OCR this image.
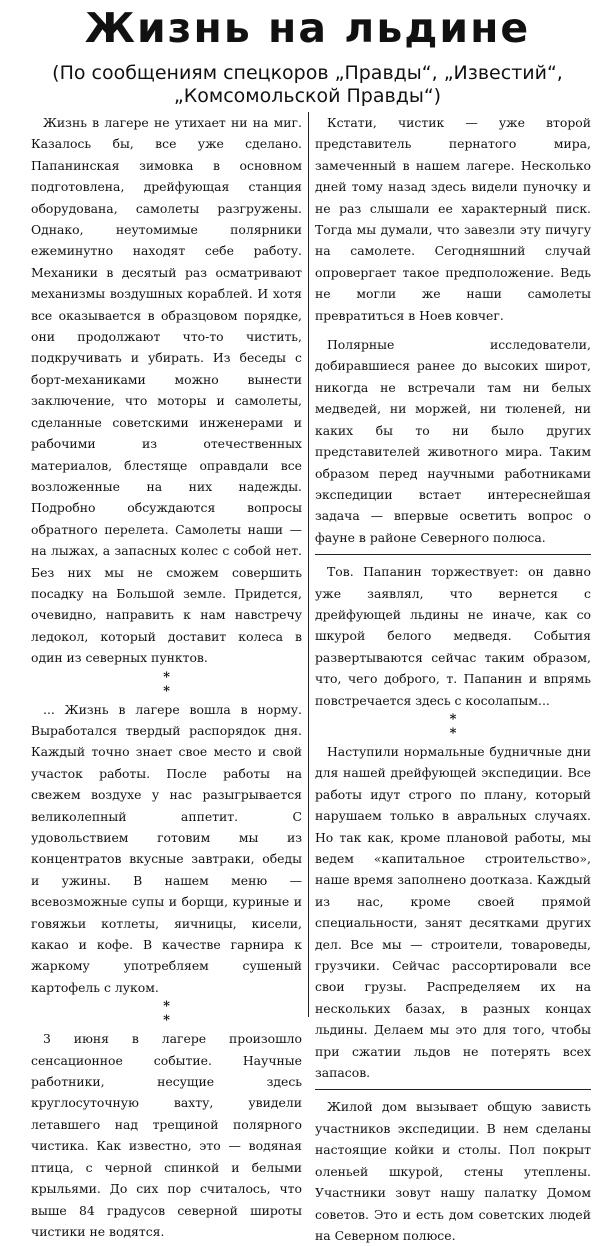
Жизнь на льдине
(По сообщениям спецкоров „Правды“, „Известий“,
„Комсомольской Правды“)

Жизнь в лагере не утихает ни на миг. Казалось бы, все уже сделано. Папанинская зимовка в основном подготовлена, дрейфующая станция оборудована, самолеты разгружены. Однако, неутомимые полярники ежеминутно находят себе работу. Механики в десятый раз осматривают механизмы воздушных кораблей. И хотя все оказывается в образцовом порядке, они продолжают что-то чистить, подкручивать и убирать. Из беседы с борт-механиками можно вынести заключение, что моторы и самолеты, сделанные советскими инженерами и рабочими из отечественных материалов, блестяще оправдали все возложенные на них надежды. Подробно обсуждаются вопросы обратного перелета. Самолеты наши — на лыжах, а запасных колес с собой нет. Без них мы не сможем совершить посадку на Большой земле. Придется, очевидно, направить к нам навстречу ледокол, который доставит колеса в один из северных пунктов.

*
*

... Жизнь в лагере вошла в норму. Выработался твердый распорядок дня. Каждый точно знает свое место и свой участок работы. После работы на свежем воздухе у нас разыгрывается великолепный аппетит. С удовольствием готовим мы из концентратов вкусные завтраки, обеды и ужины. В нашем меню — всевозможные супы и борщи, куриные и говяжьи котлеты, яичницы, кисели, какао и кофе. В качестве гарнира к жаркому употребляем сушеный картофель с луком.

*
*

3 июня в лагере произошло сенсационное событие. Научные работники, несущие здесь круглосуточную вахту, увидели летавшего над трещиной полярного чистика. Как известно, это — водяная птица, с черной спинкой и белыми крыльями. До сих пор считалось, что выше 84 градусов северной широты чистики не водятся.

Кстати, чистик — уже второй представитель пернатого мира, замеченный в нашем лагере. Несколько дней тому назад здесь видели пуночку и не раз слышали ее характерный писк. Тогда мы думали, что завезли эту пичугу на самолете. Сегодняшний случай опровергает такое предположение. Ведь не могли же наши самолеты превратиться в Ноев ковчег.

Полярные исследователи, добиравшиеся ранее до высоких широт, никогда не встречали там ни белых медведей, ни моржей, ни тюленей, ни каких бы то ни было других представителей животного мира. Таким образом перед научными работниками экспедиции встает интереснейшая задача — впервые осветить вопрос о фауне в районе Северного полюса.

Тов. Папанин торжествует: он давно уже заявлял, что вернется с дрейфующей льдины не иначе, как со шкурой белого медведя. События развертываются сейчас таким образом, что, чего доброго, т. Папанин и впрямь повстречается здесь с косолапым...

*
*

Наступили нормальные будничные дни для нашей дрейфующей экспедиции. Все работы идут строго по плану, который нарушаем только в авральных случаях. Но так как, кроме плановой работы, мы ведем «капитальное строительство», наше время заполнено доотказа. Каждый из нас, кроме своей прямой специальности, занят десятками других дел. Все мы — строители, товароведы, грузчики. Сейчас рассортировали все свои грузы. Распределяем их на нескольких базах, в разных концах льдины. Делаем мы это для того, чтобы при сжатии льдов не потерять всех запасов.

Жилой дом вызывает общую зависть участников экспедиции. В нем сделаны настоящие койки и столы. Пол покрыт оленьей шкурой, стены утеплены. Участники зовут нашу палатку Домом советов. Это и есть дом советских людей на Северном полюсе.
